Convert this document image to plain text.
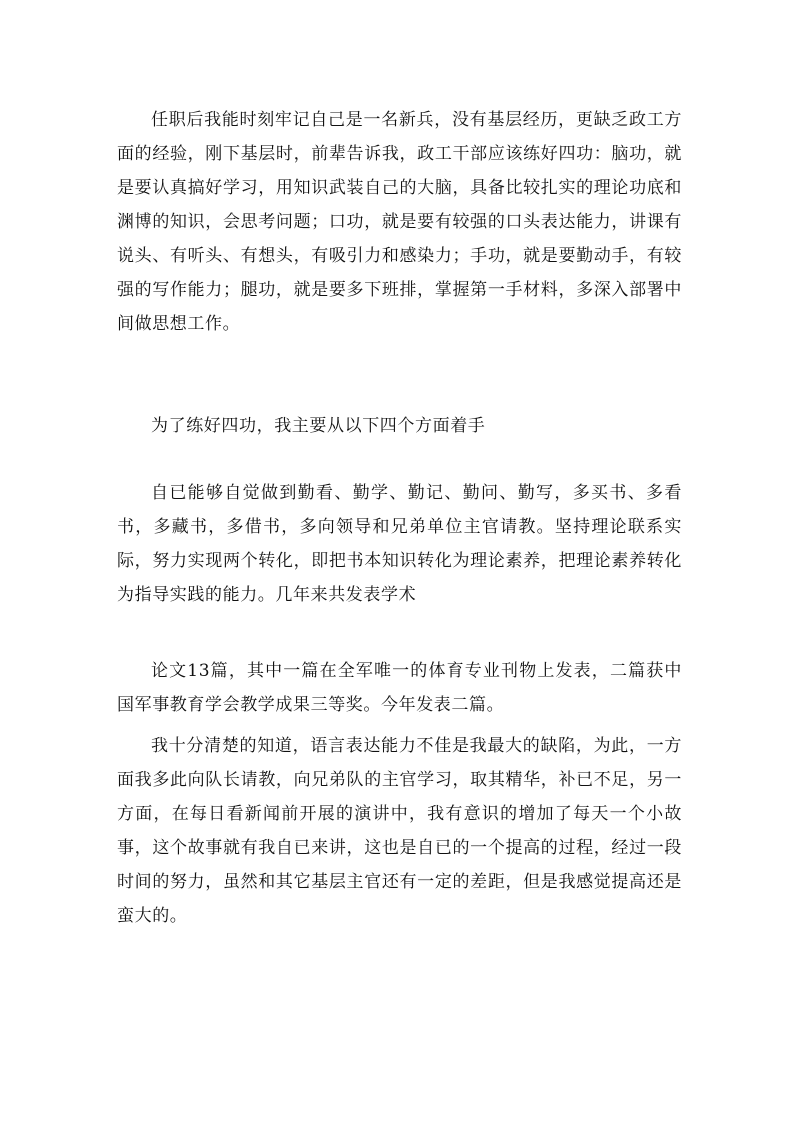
任职后我能时刻牢记自己是一名新兵，没有基层经历，更缺乏政工方面的经验，刚下基层时，前辈告诉我，政工干部应该练好四功：脑功，就是要认真搞好学习，用知识武装自己的大脑，具备比较扎实的理论功底和渊博的知识，会思考问题；口功，就是要有较强的口头表达能力，讲课有说头、有听头、有想头，有吸引力和感染力；手功，就是要勤动手，有较强的写作能力；腿功，就是要多下班排，掌握第一手材料，多深入部署中间做思想工作。

为了练好四功，我主要从以下四个方面着手

自已能够自觉做到勤看、勤学、勤记、勤问、勤写，多买书、多看书，多藏书，多借书，多向领导和兄弟单位主官请教。坚持理论联系实际，努力实现两个转化，即把书本知识转化为理论素养，把理论素养转化为指导实践的能力。几年来共发表学术

论文13篇，其中一篇在全军唯一的体育专业刊物上发表，二篇获中国军事教育学会教学成果三等奖。今年发表二篇。

我十分清楚的知道，语言表达能力不佳是我最大的缺陷，为此，一方面我多此向队长请教，向兄弟队的主官学习，取其精华，补已不足，另一方面，在每日看新闻前开展的演讲中，我有意识的增加了每天一个小故事，这个故事就有我自已来讲，这也是自已的一个提高的过程，经过一段时间的努力，虽然和其它基层主官还有一定的差距，但是我感觉提高还是蛮大的。
